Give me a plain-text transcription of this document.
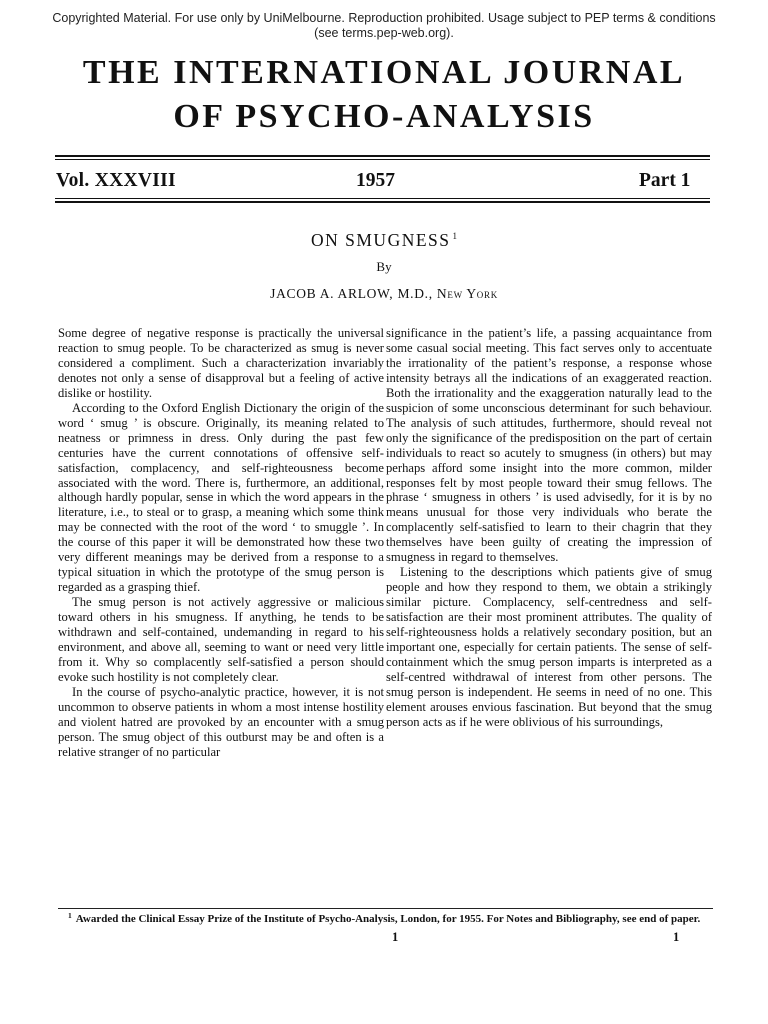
Copyrighted Material. For use only by UniMelbourne. Reproduction prohibited. Usage subject to PEP terms & conditions (see terms.pep-web.org).
THE INTERNATIONAL JOURNAL
OF PSYCHO-ANALYSIS
Vol. XXXVIII	1957	Part 1
ON SMUGNESS $^1$
By
JACOB A. ARLOW, M.D., New York

Some degree of negative response is practically the universal reaction to smug people. To be characterized as smug is never considered a compliment. Such a characterization invariably denotes not only a sense of disapproval but a feeling of active dislike or hostility.

According to the Oxford English Dictionary the origin of the word ‘ smug ’ is obscure. Originally, its meaning related to neatness or primness in dress. Only during the past few centuries have the current connotations of offensive self-satisfaction, complacency, and self-righteousness become associated with the word. There is, furthermore, an additional, although hardly popular, sense in which the word appears in the literature, i.e., to steal or to grasp, a meaning which some think may be connected with the root of the word ‘ to smuggle ’. In the course of this paper it will be demonstrated how these two very different meanings may be derived from a response to a typical situation in which the prototype of the smug person is regarded as a grasping thief.

The smug person is not actively aggressive or malicious toward others in his smugness. If anything, he tends to be withdrawn and self-contained, undemanding in regard to his environment, and above all, seeming to want or need very little from it. Why so complacently self-satisfied a person should evoke such hostility is not completely clear.

In the course of psycho-analytic practice, however, it is not uncommon to observe patients in whom a most intense hostility and violent hatred are provoked by an encounter with a smug person. The smug object of this outburst may be and often is a relative stranger of no particular

significance in the patient’s life, a passing acquaintance from some casual social meeting. This fact serves only to accentuate the irrationality of the patient’s response, a response whose intensity betrays all the indications of an exaggerated reaction. Both the irrationality and the exaggeration naturally lead to the suspicion of some unconscious determinant for such behaviour. The analysis of such attitudes, furthermore, should reveal not only the significance of the predisposition on the part of certain individuals to react so acutely to smugness (in others) but may perhaps afford some insight into the more common, milder responses felt by most people toward their smug fellows. The phrase ‘ smugness in others ’ is used advisedly, for it is by no means unusual for those very individuals who berate the complacently self-satisfied to learn to their chagrin that they themselves have been guilty of creating the impression of smugness in regard to themselves.

Listening to the descriptions which patients give of smug people and how they respond to them, we obtain a strikingly similar picture. Complacency, self-centredness and self-satisfaction are their most prominent attributes. The quality of self-righteousness holds a relatively secondary position, but an important one, especially for certain patients. The sense of self-containment which the smug person imparts is interpreted as a self-centred withdrawal of interest from other persons. The smug person is independent. He seems in need of no one. This element arouses envious fascination. But beyond that the smug person acts as if he were oblivious of his surroundings,

$^1$ Awarded the Clinical Essay Prize of the Institute of Psycho-Analysis, London, for 1955. For Notes and Bibliography, see end of paper.
1	1
